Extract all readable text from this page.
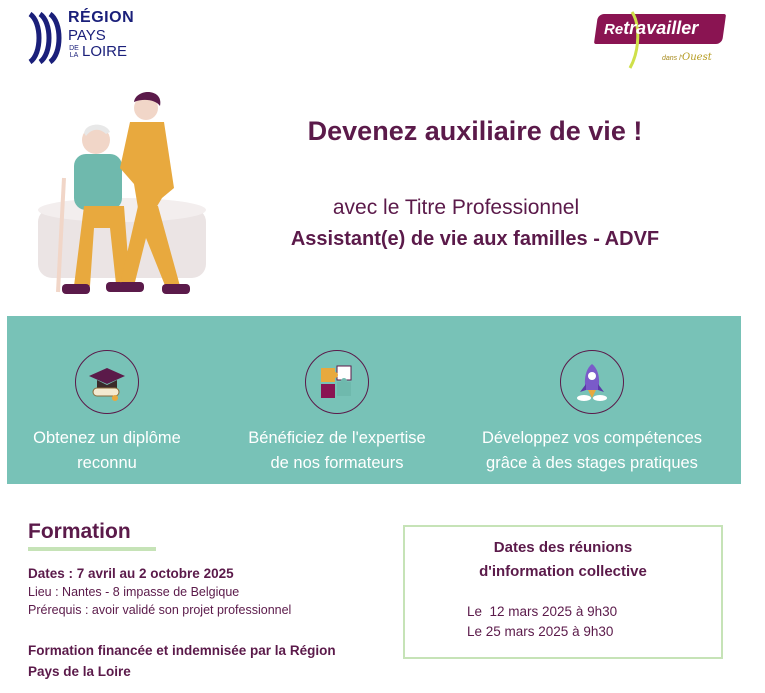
RÉGION
PAYS
DE
LA LOIRE
Retravailler
dans l'Ouest
Devenez auxiliaire de vie !
avec le Titre Professionnel
Assistant(e) de vie aux familles - ADVF
Obtenez un diplôme
reconnu
Bénéficiez de l'expertise
de nos formateurs
Développez vos compétences
grâce à des stages pratiques
Formation
Dates : 7 avril au 2 octobre 2025
Lieu : Nantes - 8 impasse de Belgique
Prérequis : avoir validé son projet professionnel
Formation financée et indemnisée par la Région
Pays de la Loire
Dates des réunions
d'information collective
Le  12 mars 2025 à 9h30
Le 25 mars 2025 à 9h30
